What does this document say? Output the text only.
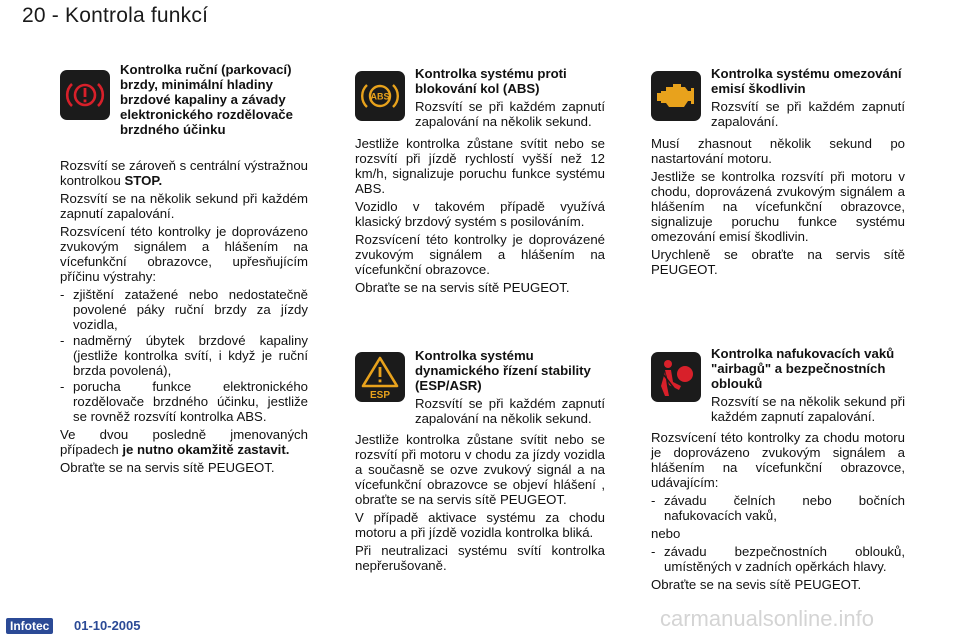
20 - Kontrola funkcí

Kontrolka ruční (parkovací) brzdy, minimální hladiny brzdové kapaliny a závady elektronického rozdělovače brzdného účinku

Rozsvítí se zároveň s centrální výstražnou kontrolkou STOP.

Rozsvítí se na několik sekund při každém zapnutí zapalování.

Rozsvícení této kontrolky je doprovázeno zvukovým signálem a hlášením na vícefunkční obrazovce, upřesňujícím příčinu výstrahy:

- zjištění zatažené nebo nedostatečně povolené páky ruční brzdy za jízdy vozidla,
- nadměrný úbytek brzdové kapaliny (jestliže kontrolka svítí, i když je ruční brzda povolená),
- porucha funkce elektronického rozdělovače brzdného účinku, jestliže se rovněž rozsvítí kontrolka ABS.

Ve dvou posledně jmenovaných případech je nutno okamžitě zastavit.

Obraťte se na servis sítě PEUGEOT.

ABS

Kontrolka systému proti blokování kol (ABS)

Rozsvítí se při každém zapnutí zapalování na několik sekund.

Jestliže kontrolka zůstane svítit nebo se rozsvítí při jízdě rychlostí vyšší než 12 km/h, signalizuje poruchu funkce systému ABS.

Vozidlo v takovém případě využívá klasický brzdový systém s posilováním.

Rozsvícení této kontrolky je doprovázené zvukovým signálem a hlášením na vícefunkční obrazovce.

Obraťte se na servis sítě PEUGEOT.

ESP

Kontrolka systému dynamického řízení stability (ESP/ASR)

Rozsvítí se při každém zapnutí zapalování na několik sekund.

Jestliže kontrolka zůstane svítit nebo se rozsvítí při motoru v chodu za jízdy vozidla a současně se ozve zvukový signál a na vícefunkční obrazovce se objeví hlášení , obraťte se na servis sítě PEUGEOT.

V případě aktivace systému za chodu motoru a při jízdě vozidla kontrolka bliká.

Při neutralizaci systému svítí kontrolka nepřerušovaně.

Kontrolka systému omezování emisí škodlivin

Rozsvítí se při každém zapnutí zapalování.

Musí zhasnout několik sekund po nastartování motoru.

Jestliže se kontrolka rozsvítí při motoru v chodu, doprovázená zvukovým signálem a hlášením na vícefunkční obrazovce, signalizuje poruchu funkce systému omezování emisí škodlivin.

Urychleně se obraťte na servis sítě PEUGEOT.

Kontrolka nafukovacích vaků "airbagů" a bezpečnostních oblouků

Rozsvítí se na několik sekund při každém zapnutí zapalování.

Rozsvícení této kontrolky za chodu motoru je doprovázeno zvukovým signálem a hlášením na vícefunkční obrazovce, udávajícím:

- závadu čelních nebo bočních nafukovacích vaků,

nebo

- závadu bezpečnostních oblouků, umístěných v zadních opěrkách hlavy.

Obraťte se na sevis sítě PEUGEOT.

Infotec	01-10-2005	carmanualsonline.info
